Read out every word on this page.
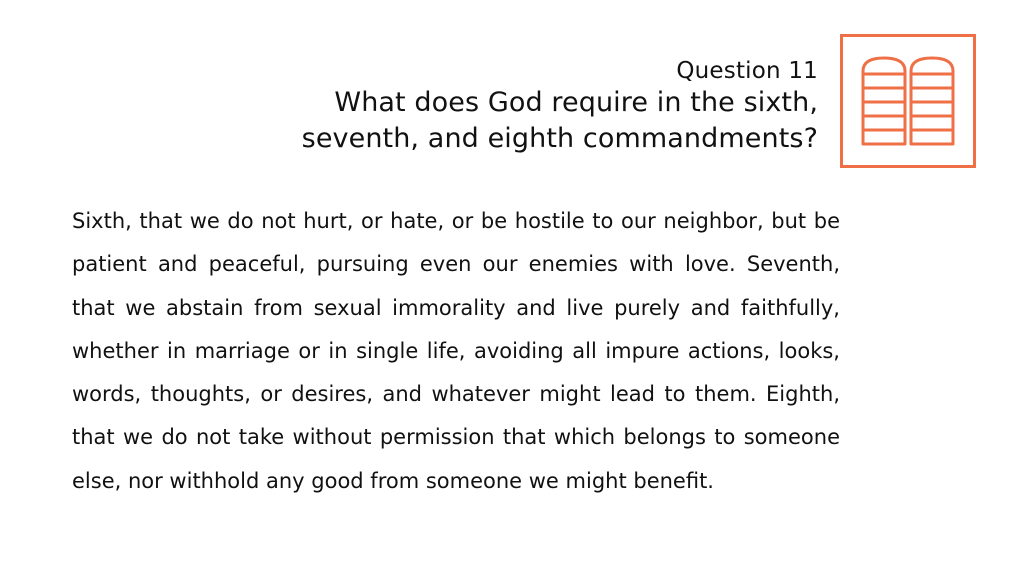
Question 11
What does God require in the sixth,
seventh, and eighth commandments?

Sixth, that we do not hurt, or hate, or be hostile to our neighbor, but be patient and peaceful, pursuing even our enemies with love. Seventh, that we abstain from sexual immorality and live purely and faithfully, whether in marriage or in single life, avoiding all impure actions, looks, words, thoughts, or desires, and whatever might lead to them. Eighth, that we do not take without permission that which belongs to someone else, nor withhold any good from someone we might benefit.
